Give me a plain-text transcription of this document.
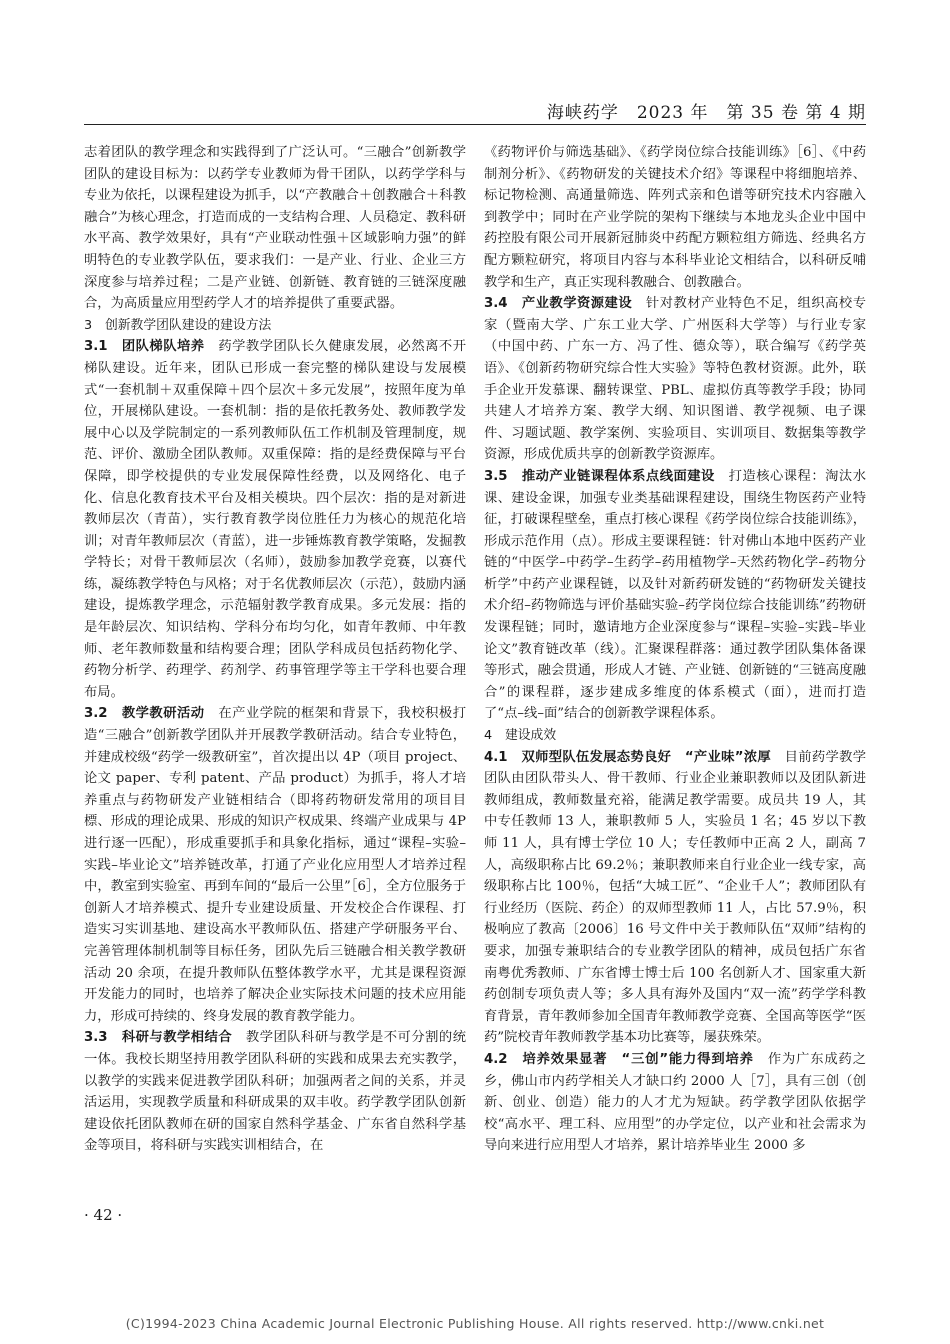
海峡药学　2023 年　第 35 卷 第 4 期

志着团队的教学理念和实践得到了广泛认可。“三融合”创新教学团队的建设目标为：以药学专业教师为骨干团队，以药学学科与专业为依托，以课程建设为抓手，以“产教融合＋创教融合＋科教融合”为核心理念，打造而成的一支结构合理、人员稳定、教科研水平高、教学效果好，具有“产业联动性强＋区域影响力强”的鲜明特色的专业教学队伍，要求我们：一是产业、行业、企业三方深度参与培养过程；二是产业链、创新链、教育链的三链深度融合，为高质量应用型药学人才的培养提供了重要武器。

3　创新教学团队建设的建设方法

3.1　团队梯队培养　药学教学团队长久健康发展，必然离不开梯队建设。近年来，团队已形成一套完整的梯队建设与发展模式“一套机制＋双重保障＋四个层次＋多元发展”，按照年度为单位，开展梯队建设。一套机制：指的是依托教务处、教师教学发展中心以及学院制定的一系列教师队伍工作机制及管理制度，规范、评价、激励全团队教师。双重保障：指的是经费保障与平台保障，即学校提供的专业发展保障性经费，以及网络化、电子化、信息化教育技术平台及相关模块。四个层次：指的是对新进教师层次（青苗），实行教育教学岗位胜任力为核心的规范化培训；对青年教师层次（青蓝），进一步锤炼教育教学策略，发掘教学特长；对骨干教师层次（名师），鼓励参加教学竞赛，以赛代练，凝练教学特色与风格；对于名优教师层次（示范），鼓励内涵建设，提炼教学理念，示范辐射教学教育成果。多元发展：指的是年龄层次、知识结构、学科分布均匀化，如青年教师、中年教师、老年教师数量和结构要合理；团队学科成员包括药物化学、药物分析学、药理学、药剂学、药事管理学等主干学科也要合理布局。

3.2　教学教研活动　在产业学院的框架和背景下，我校积极打造“三融合”创新教学团队并开展教学教研活动。结合专业特色，并建成校级“药学一级教研室”，首次提出以 4P（项目 project、论文 paper、专利 patent、产品 product）为抓手，将人才培养重点与药物研发产业链相结合（即将药物研发常用的项目目標、形成的理论成果、形成的知识产权成果、终端产业成果与 4P 进行逐一匹配），形成重要抓手和具象化指标，通过“课程–实验–实践–毕业论文”培养链改革，打通了产业化应用型人才培养过程中，教室到实验室、再到车间的“最后一公里”［6］，全方位服务于创新人才培养模式、提升专业建设质量、开发校企合作课程、打造实习实训基地、建设高水平教师队伍、搭建产学研服务平台、完善管理体制机制等目标任务，团队先后三链融合相关教学教研活动 20 余项，在提升教师队伍整体教学水平，尤其是课程资源开发能力的同时，也培养了解决企业实际技术问题的技术应用能力，形成可持续的、终身发展的教育教学能力。

3.3　科研与教学相结合　教学团队科研与教学是不可分割的统一体。我校长期坚持用教学团队科研的实践和成果去充实教学，以教学的实践来促进教学团队科研；加强两者之间的关系，并灵活运用，实现教学质量和科研成果的双丰收。药学教学团队创新建设依托团队教师在研的国家自然科学基金、广东省自然科学基金等项目，将科研与实践实训相结合，在

《药物评价与筛选基础》、《药学岗位综合技能训练》［6］、《中药制剂分析》、《药物研发的关键技术介绍》等课程中将细胞培养、标记物检测、高通量筛选、阵列式亲和色谱等研究技术内容融入到教学中；同时在产业学院的架构下继续与本地龙头企业中国中药控股有限公司开展新冠肺炎中药配方颗粒组方筛选、经典名方配方颗粒研究，将项目内容与本科毕业论文相结合，以科研反哺教学和生产，真正实现科教融合、创教融合。

3.4　产业教学资源建设　针对教材产业特色不足，组织高校专家（暨南大学、广东工业大学、广州医科大学等）与行业专家（中国中药、广东一方、冯了性、德众等），联合编写《药学英语》、《创新药物研究综合性大实验》等特色教材资源。此外，联手企业开发慕课、翻转课堂、PBL、虚拟仿真等教学手段；协同共建人才培养方案、教学大纲、知识图谱、教学视频、电子课件、习题试题、教学案例、实验项目、实训项目、数据集等教学资源，形成优质共享的创新教学资源库。

3.5　推动产业链课程体系点线面建设　打造核心课程：淘汰水课、建设金课，加强专业类基础课程建设，围绕生物医药产业特征，打破课程壁垒，重点打核心课程《药学岗位综合技能训练》，形成示范作用（点）。形成主要课程链：针对佛山本地中医药产业链的“中医学–中药学–生药学–药用植物学–天然药物化学–药物分析学”中药产业课程链，以及针对新药研发链的“药物研发关键技术介绍–药物筛选与评价基础实验–药学岗位综合技能训练”药物研发课程链；同时，邀请地方企业深度参与“课程–实验–实践–毕业论文”教育链改革（线）。汇聚课程群落：通过教学团队集体备课等形式，融会贯通，形成人才链、产业链、创新链的“三链高度融合”的课程群，逐步建成多维度的体系模式（面），进而打造了“点–线–面”结合的创新教学课程体系。

4　建设成效

4.1　双师型队伍发展态势良好　“产业味”浓厚　目前药学教学团队由团队带头人、骨干教师、行业企业兼职教师以及团队新进教师组成，教师数量充裕，能满足教学需要。成员共 19 人，其中专任教师 13 人，兼职教师 5 人，实验员 1 名；45 岁以下教师 11 人，具有博士学位 10 人；专任教师中正高 2 人，副高 7 人，高级职称占比 69.2％；兼职教师来自行业企业一线专家，高级职称占比 100％，包括“大城工匠”、“企业千人”；教师团队有行业经历（医院、药企）的双师型教师 11 人，占比 57.9％，积极响应了教高〔2006〕16 号文件中关于教师队伍“双师”结构的要求，加强专兼职结合的专业教学团队的精神，成员包括广东省南粤优秀教师、广东省博士博士后 100 名创新人才、国家重大新药创制专项负责人等；多人具有海外及国内“双一流”药学学科教育背景，青年教师参加全国青年教师教学竞赛、全国高等医学“医药”院校青年教师教学基本功比赛等，屡获殊荣。

4.2　培养效果显著　“三创”能力得到培养　作为广东成药之乡，佛山市内药学相关人才缺口约 2000 人［7］，具有三创（创新、创业、创造）能力的人才尤为短缺。药学教学团队依据学校“高水平、理工科、应用型”的办学定位，以产业和社会需求为导向来进行应用型人才培养，累计培养毕业生 2000 多

· 42 ·
(C)1994-2023 China Academic Journal Electronic Publishing House. All rights reserved. http://www.cnki.net
